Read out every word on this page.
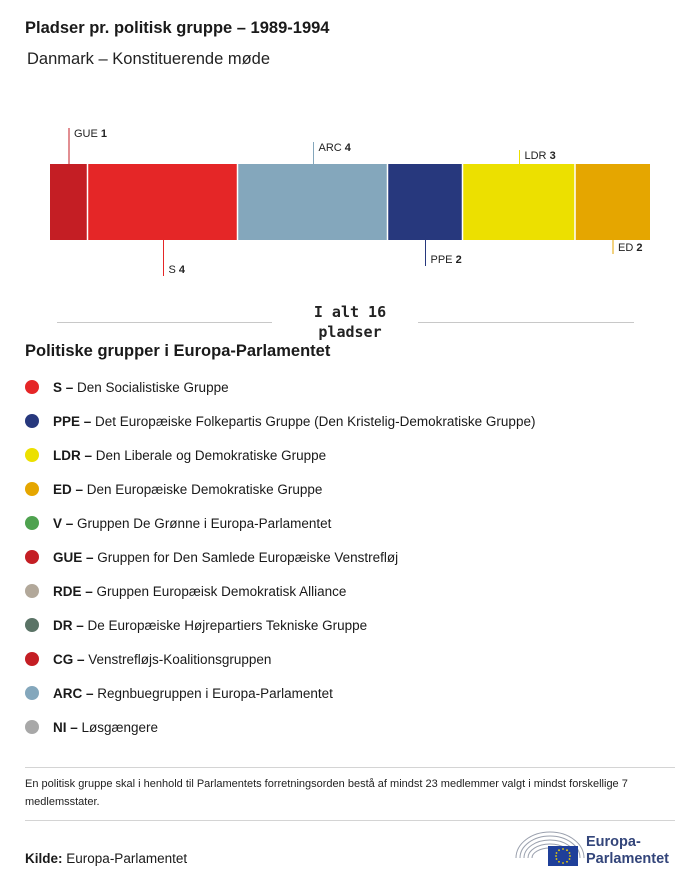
Pladser pr. politisk gruppe – 1989-1994

Danmark – Konstituerende møde

GUE 1
S 4
ARC 4
PPE 2
LDR 3
ED 2
I alt 16 pladser
Politiske grupper i Europa-Parlamentet
S – Den Socialistiske Gruppe
PPE – Det Europæiske Folkepartis Gruppe (Den Kristelig-Demokratiske Gruppe)
LDR – Den Liberale og Demokratiske Gruppe
ED – Den Europæiske Demokratiske Gruppe
V – Gruppen De Grønne i Europa-Parlamentet
GUE – Gruppen for Den Samlede Europæiske Venstrefløj
RDE – Gruppen Europæisk Demokratisk Alliance
DR – De Europæiske Højrepartiers Tekniske Gruppe
CG – Venstrefløjs-Koalitionsgruppen
ARC – Regnbuegruppen i Europa-Parlamentet
NI – Løsgængere

En politisk gruppe skal i henhold til Parlamentets forretningsorden bestå af mindst 23 medlemmer valgt i mindst forskellige 7 medlemsstater.

Kilde: Europa-Parlamentet
Europa-
Parlamentet
